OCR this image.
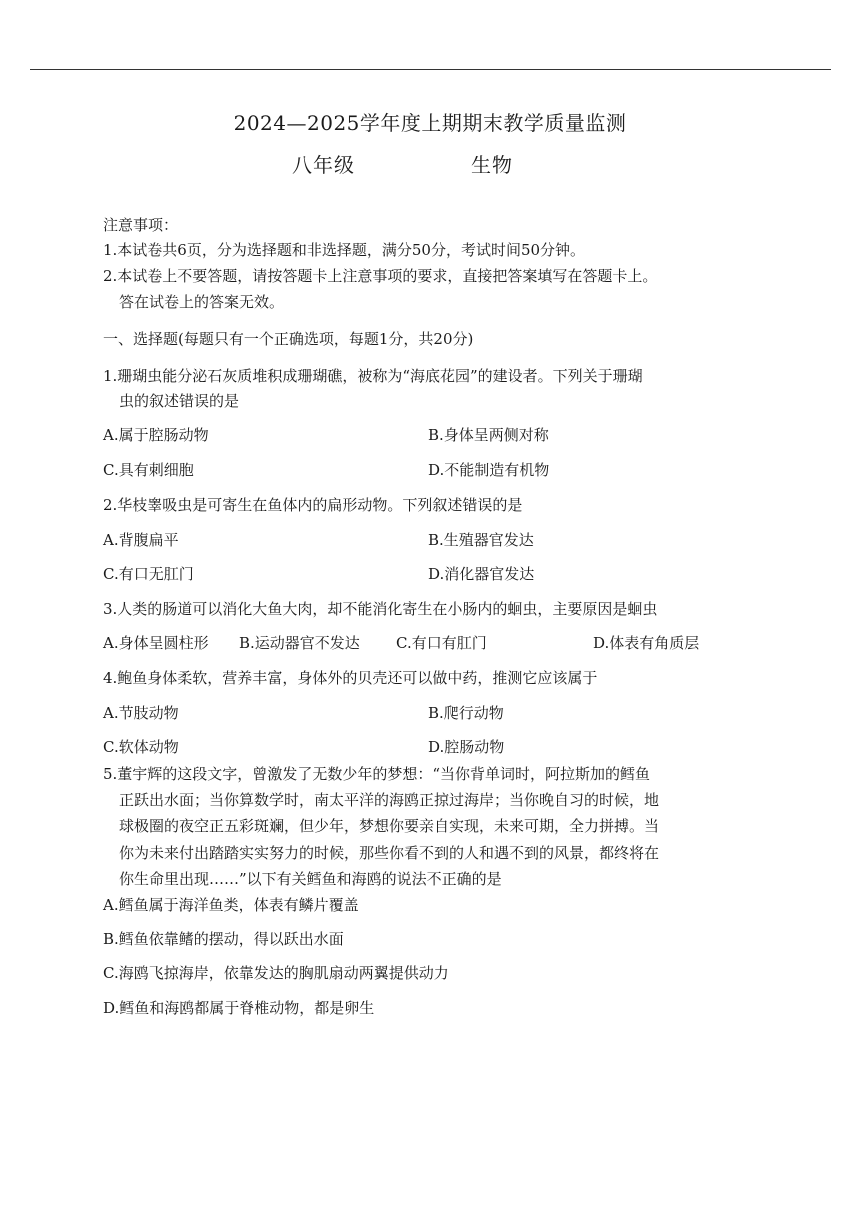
2024—2025学年度上期期末教学质量监测
八年级	生物
注意事项：
1.本试卷共6页，分为选择题和非选择题，满分50分，考试时间50分钟。
2.本试卷上不要答题，请按答题卡上注意事项的要求，直接把答案填写在答题卡上。
答在试卷上的答案无效。
一、选择题(每题只有一个正确选项，每题1分，共20分)
1.珊瑚虫能分泌石灰质堆积成珊瑚礁，被称为“海底花园”的建设者。下列关于珊瑚
虫的叙述错误的是
A.属于腔肠动物	B.身体呈两侧对称
C.具有刺细胞	D.不能制造有机物
2.华枝睾吸虫是可寄生在鱼体内的扁形动物。下列叙述错误的是
A.背腹扁平	B.生殖器官发达
C.有口无肛门	D.消化器官发达
3.人类的肠道可以消化大鱼大肉，却不能消化寄生在小肠内的蛔虫，主要原因是蛔虫
A.身体呈圆柱形 B.运动器官不发达 C.有口有肛门	D.体表有角质层
4.鲍鱼身体柔软，营养丰富，身体外的贝壳还可以做中药，推测它应该属于
A.节肢动物	B.爬行动物
C.软体动物	D.腔肠动物
5.董宇辉的这段文字，曾激发了无数少年的梦想：“当你背单词时，阿拉斯加的鳕鱼
正跃出水面；当你算数学时，南太平洋的海鸥正掠过海岸；当你晚自习的时候，地
球极圈的夜空正五彩斑斓，但少年，梦想你要亲自实现，未来可期，全力拼搏。当
你为未来付出踏踏实实努力的时候，那些你看不到的人和遇不到的风景，都终将在
你生命里出现……”以下有关鳕鱼和海鸥的说法不正确的是
A.鳕鱼属于海洋鱼类，体表有鳞片覆盖
B.鳕鱼依靠鳍的摆动，得以跃出水面
C.海鸥飞掠海岸，依靠发达的胸肌扇动两翼提供动力
D.鳕鱼和海鸥都属于脊椎动物，都是卵生
